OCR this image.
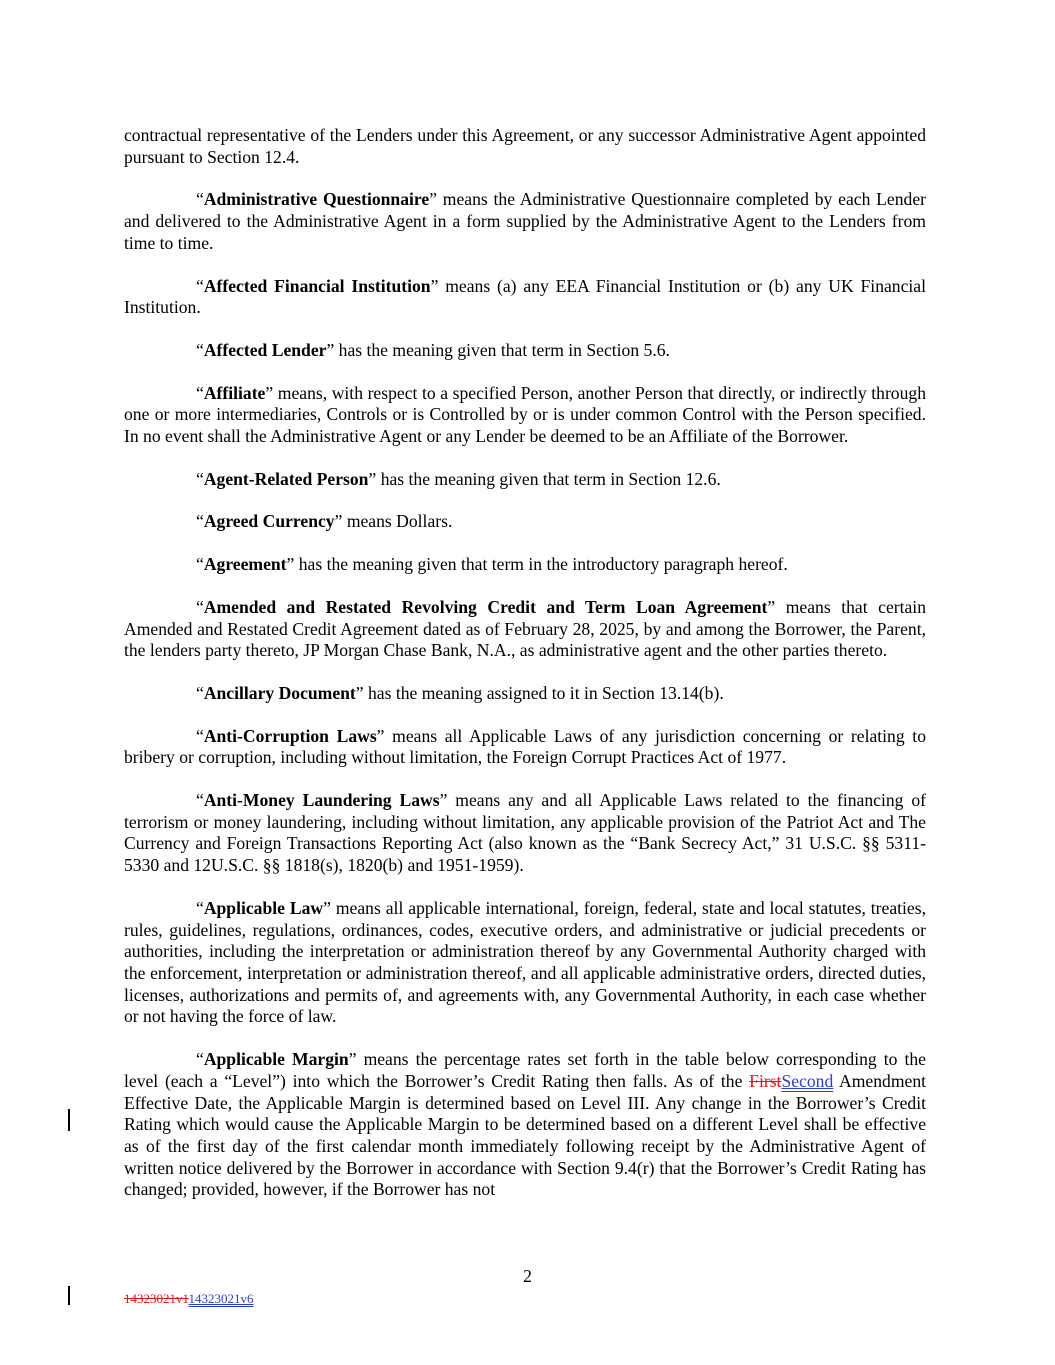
contractual representative of the Lenders under this Agreement, or any successor Administrative Agent appointed pursuant to Section 12.4.

“Administrative Questionnaire” means the Administrative Questionnaire completed by each Lender and delivered to the Administrative Agent in a form supplied by the Administrative Agent to the Lenders from time to time.

“Affected Financial Institution” means (a) any EEA Financial Institution or (b) any UK Financial Institution.

“Affected Lender” has the meaning given that term in Section 5.6.

“Affiliate” means, with respect to a specified Person, another Person that directly, or indirectly through one or more intermediaries, Controls or is Controlled by or is under common Control with the Person specified. In no event shall the Administrative Agent or any Lender be deemed to be an Affiliate of the Borrower.

“Agent-Related Person” has the meaning given that term in Section 12.6.

“Agreed Currency” means Dollars.

“Agreement” has the meaning given that term in the introductory paragraph hereof.

“Amended and Restated Revolving Credit and Term Loan Agreement” means that certain Amended and Restated Credit Agreement dated as of February 28, 2025, by and among the Borrower, the Parent, the lenders party thereto, JP Morgan Chase Bank, N.A., as administrative agent and the other parties thereto.

“Ancillary Document” has the meaning assigned to it in Section 13.14(b).

“Anti-Corruption Laws” means all Applicable Laws of any jurisdiction concerning or relating to bribery or corruption, including without limitation, the Foreign Corrupt Practices Act of 1977.

“Anti-Money Laundering Laws” means any and all Applicable Laws related to the financing of terrorism or money laundering, including without limitation, any applicable provision of the Patriot Act and The Currency and Foreign Transactions Reporting Act (also known as the “Bank Secrecy Act,” 31 U.S.C. §§ 5311-5330 and 12U.S.C. §§ 1818(s), 1820(b) and 1951-1959).

“Applicable Law” means all applicable international, foreign, federal, state and local statutes, treaties, rules, guidelines, regulations, ordinances, codes, executive orders, and administrative or judicial precedents or authorities, including the interpretation or administration thereof by any Governmental Authority charged with the enforcement, interpretation or administration thereof, and all applicable administrative orders, directed duties, licenses, authorizations and permits of, and agreements with, any Governmental Authority, in each case whether or not having the force of law.

“Applicable Margin” means the percentage rates set forth in the table below corresponding to the level (each a “Level”) into which the Borrower’s Credit Rating then falls. As of the FirstSecond Amendment Effective Date, the Applicable Margin is determined based on Level III. Any change in the Borrower’s Credit Rating which would cause the Applicable Margin to be determined based on a different Level shall be effective as of the first day of the first calendar month immediately following receipt by the Administrative Agent of written notice delivered by the Borrower in accordance with Section 9.4(r) that the Borrower’s Credit Rating has changed; provided, however, if the Borrower has not

2
14323021v114323021v6
